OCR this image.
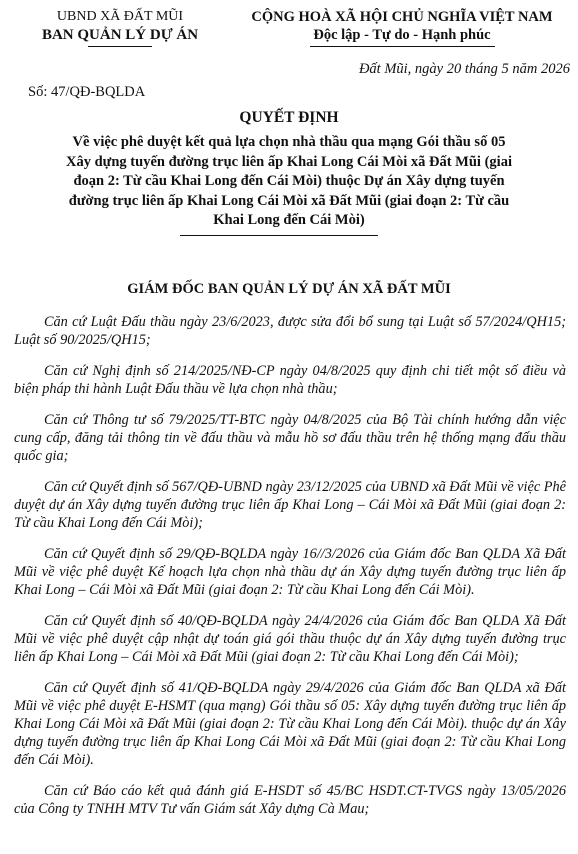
UBND XÃ ĐẤT MŨI
BAN QUẢN LÝ DỰ ÁN
CỘNG HOÀ XÃ HỘI CHỦ NGHĨA VIỆT NAM
Độc lập - Tự do - Hạnh phúc
Đất Mũi, ngày 20 tháng 5 năm 2026
Số: 47/QĐ-BQLDA
QUYẾT ĐỊNH
Về việc phê duyệt kết quả lựa chọn nhà thầu qua mạng Gói thầu số 05
Xây dựng tuyến đường trục liên ấp Khai Long Cái Mòi xã Đất Mũi (giai
đoạn 2: Từ cầu Khai Long đến Cái Mòi) thuộc Dự án Xây dựng tuyến
đường trục liên ấp Khai Long Cái Mòi xã Đất Mũi (giai đoạn 2: Từ cầu
Khai Long đến Cái Mòi)
GIÁM ĐỐC BAN QUẢN LÝ DỰ ÁN XÃ ĐẤT MŨI

Căn cứ Luật Đấu thầu ngày 23/6/2023, được sửa đổi bổ sung tại Luật số 57/2024/QH15; Luật số 90/2025/QH15;

Căn cứ Nghị định số 214/2025/NĐ-CP ngày 04/8/2025 quy định chi tiết một số điều và biện pháp thi hành Luật Đấu thầu về lựa chọn nhà thầu;

Căn cứ Thông tư số 79/2025/TT-BTC ngày 04/8/2025 của Bộ Tài chính hướng dẫn việc cung cấp, đăng tải thông tin về đấu thầu và mẫu hồ sơ đấu thầu trên hệ thống mạng đấu thầu quốc gia;

Căn cứ Quyết định số 567/QĐ-UBND ngày 23/12/2025 của UBND xã Đất Mũi về việc Phê duyệt dự án Xây dựng tuyến đường trục liên ấp Khai Long – Cái Mòi xã Đất Mũi (giai đoạn 2: Từ cầu Khai Long đến Cái Mòi);

Căn cứ Quyết định số 29/QĐ-BQLDA ngày 16//3/2026 của Giám đốc Ban QLDA Xã Đất Mũi về việc phê duyệt Kế hoạch lựa chọn nhà thầu dự án Xây dựng tuyến đường trục liên ấp Khai Long – Cái Mòi xã Đất Mũi (giai đoạn 2: Từ cầu Khai Long đến Cái Mòi).

Căn cứ Quyết định số 40/QĐ-BQLDA ngày 24/4/2026 của Giám đốc Ban QLDA Xã Đất Mũi về việc phê duyệt cập nhật dự toán giá gói thầu thuộc dự án Xây dựng tuyến đường trục liên ấp Khai Long – Cái Mòi xã Đất Mũi (giai đoạn 2: Từ cầu Khai Long đến Cái Mòi);

Căn cứ Quyết định số 41/QĐ-BQLDA ngày 29/4/2026 của Giám đốc Ban QLDA xã Đất Mũi về việc phê duyệt E-HSMT (qua mạng) Gói thầu số 05: Xây dựng tuyến đường trục liên ấp Khai Long Cái Mòi xã Đất Mũi (giai đoạn 2: Từ cầu Khai Long đến Cái Mòi). thuộc dự án Xây dựng tuyến đường trục liên ấp Khai Long Cái Mòi xã Đất Mũi (giai đoạn 2: Từ cầu Khai Long đến Cái Mòi).

Căn cứ Báo cáo kết quả đánh giá E-HSDT số 45/BC HSDT.CT-TVGS ngày 13/05/2026 của Công ty TNHH MTV Tư vấn Giám sát Xây dựng Cà Mau;
